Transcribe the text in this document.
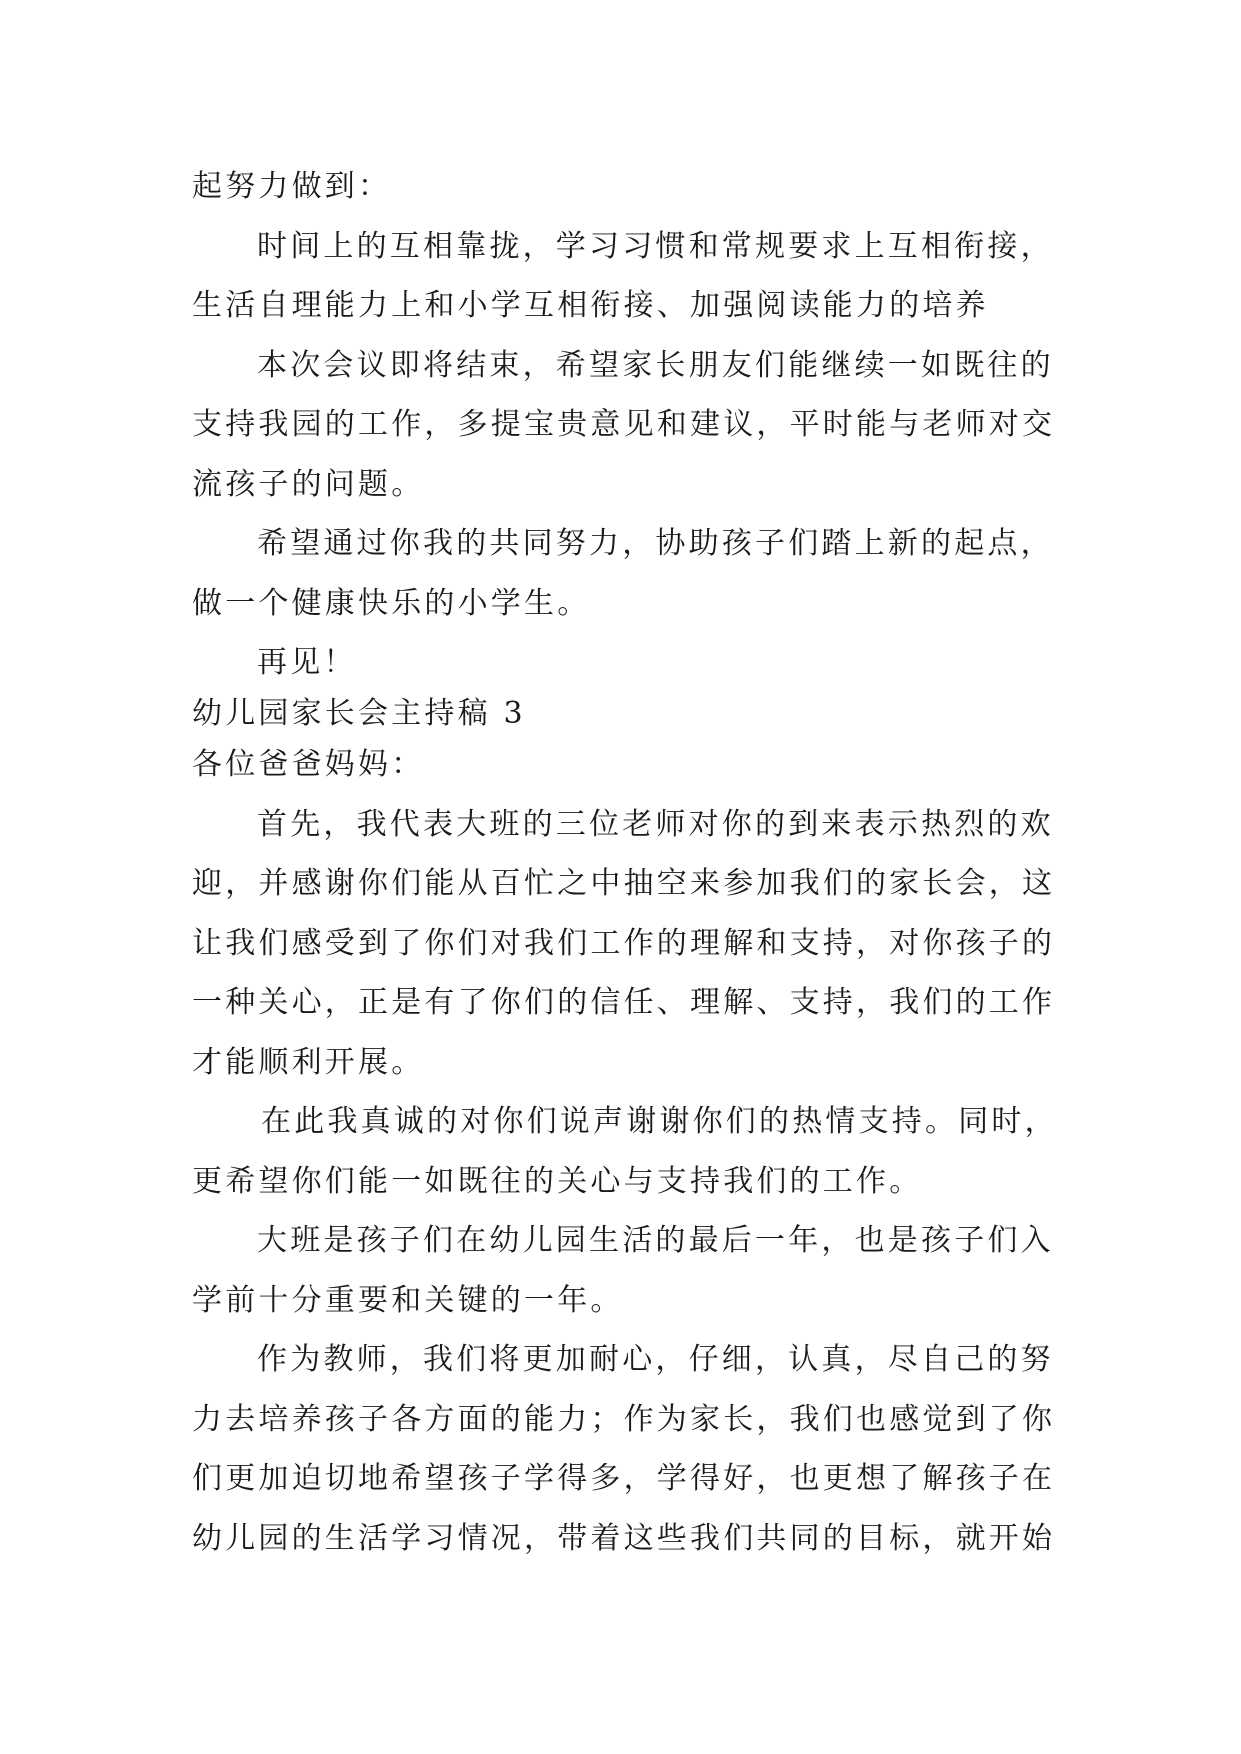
起努力做到：
时间上的互相靠拢，学习习惯和常规要求上互相衔接，
生活自理能力上和小学互相衔接、加强阅读能力的培养
本次会议即将结束，希望家长朋友们能继续一如既往的
支持我园的工作，多提宝贵意见和建议，平时能与老师对交
流孩子的问题。
希望通过你我的共同努力，协助孩子们踏上新的起点，
做一个健康快乐的小学生。
再见！
幼儿园家长会主持稿 3
各位爸爸妈妈：
首先，我代表大班的三位老师对你的到来表示热烈的欢
迎，并感谢你们能从百忙之中抽空来参加我们的家长会，这
让我们感受到了你们对我们工作的理解和支持，对你孩子的
一种关心，正是有了你们的信任、理解、支持，我们的工作
才能顺利开展。
在此我真诚的对你们说声谢谢你们的热情支持。同时，
更希望你们能一如既往的关心与支持我们的工作。
大班是孩子们在幼儿园生活的最后一年，也是孩子们入
学前十分重要和关键的一年。
作为教师，我们将更加耐心，仔细，认真，尽自己的努
力去培养孩子各方面的能力；作为家长，我们也感觉到了你
们更加迫切地希望孩子学得多，学得好，也更想了解孩子在
幼儿园的生活学习情况，带着这些我们共同的目标，就开始
